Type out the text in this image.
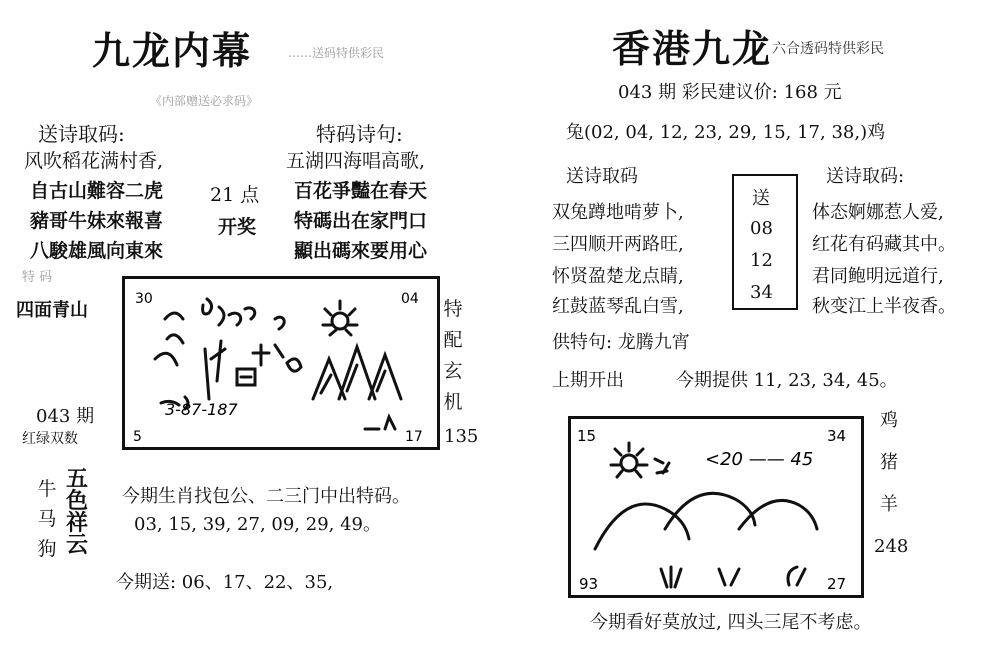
九龙内幕	……送码特供彩民
《内部赠送必求码》
送诗取码:
风吹稻花满村香,
自古山難容二虎
豬哥牛妹來報喜
八駿雄風向東來
21 点
开奖
特码诗句:
五湖四海唱高歌,
百花爭豔在春天
特碼出在家門口
顯出碼來要用心
特 码
四面青山
043 期
红绿双数
30	04
5	17
3-87-187
特配玄机
135
牛
马
狗
五色祥云
今期生肖找包公、二三门中出特码。
03, 15, 39, 27, 09, 29, 49。
今期送: 06、17、22、35,
香港九龙 六合透码特供彩民
043 期 彩民建议价: 168 元
兔(02, 04, 12, 23, 29, 15, 17, 38,)鸡
送诗取码	送诗取码:
双兔蹲地啃萝卜,
三四顺开两路旺,
怀贤盈楚龙点睛,
红鼓蓝琴乱白雪,
送
08
12
34
体态婀娜惹人爱,
红花有码藏其中。
君同鲍明远道行,
秋变江上半夜香。
供特句: 龙腾九宵
上期开出	今期提供 11, 23, 34, 45。
15	34
93	27
<20 —— 45
鸡
猪
羊
248
今期看好莫放过, 四头三尾不考虑。
